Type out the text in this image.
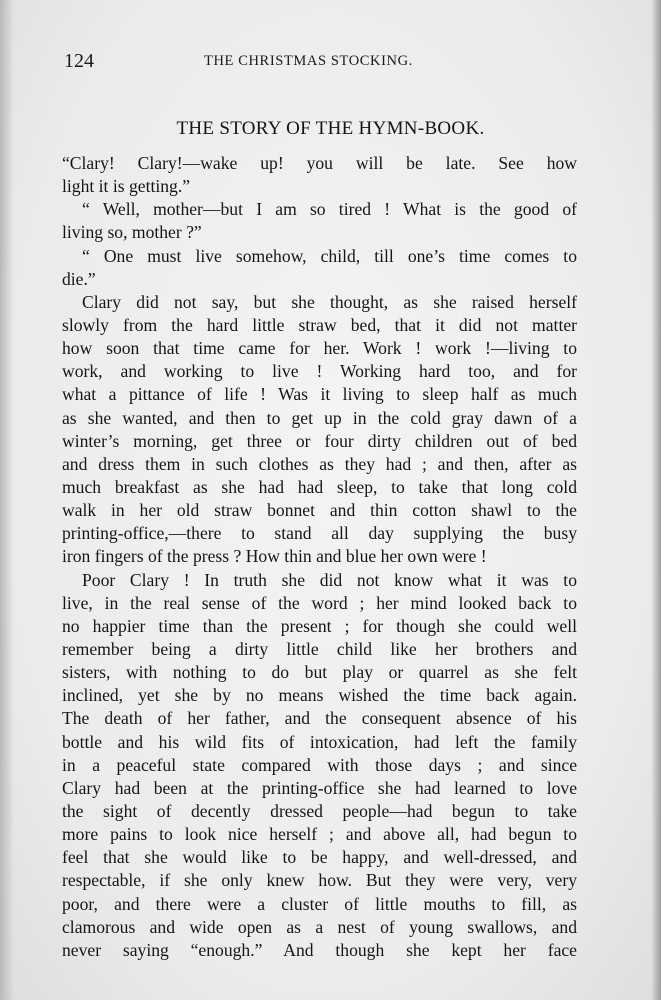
124	THE CHRISTMAS STOCKING.
THE STORY OF THE HYMN-BOOK.
“Clary! Clary!—wake up! you will be late. See how
light it is getting.”
“ Well, mother—but I am so tired ! What is the good of
living so, mother ?”
“ One must live somehow, child, till one’s time comes to
die.”
Clary did not say, but she thought, as she raised herself
slowly from the hard little straw bed, that it did not matter
how soon that time came for her. Work ! work !—living to
work, and working to live ! Working hard too, and for
what a pittance of life ! Was it living to sleep half as much
as she wanted, and then to get up in the cold gray dawn of a
winter’s morning, get three or four dirty children out of bed
and dress them in such clothes as they had ; and then, after as
much breakfast as she had had sleep, to take that long cold
walk in her old straw bonnet and thin cotton shawl to the
printing-office,—there to stand all day supplying the busy
iron fingers of the press ? How thin and blue her own were !
Poor Clary ! In truth she did not know what it was to
live, in the real sense of the word ; her mind looked back to
no happier time than the present ; for though she could well
remember being a dirty little child like her brothers and
sisters, with nothing to do but play or quarrel as she felt
inclined, yet she by no means wished the time back again.
The death of her father, and the consequent absence of his
bottle and his wild fits of intoxication, had left the family
in a peaceful state compared with those days ; and since
Clary had been at the printing-office she had learned to love
the sight of decently dressed people—had begun to take
more pains to look nice herself ; and above all, had begun to
feel that she would like to be happy, and well-dressed, and
respectable, if she only knew how. But they were very, very
poor, and there were a cluster of little mouths to fill, as
clamorous and wide open as a nest of young swallows, and
never saying “enough.” And though she kept her face
